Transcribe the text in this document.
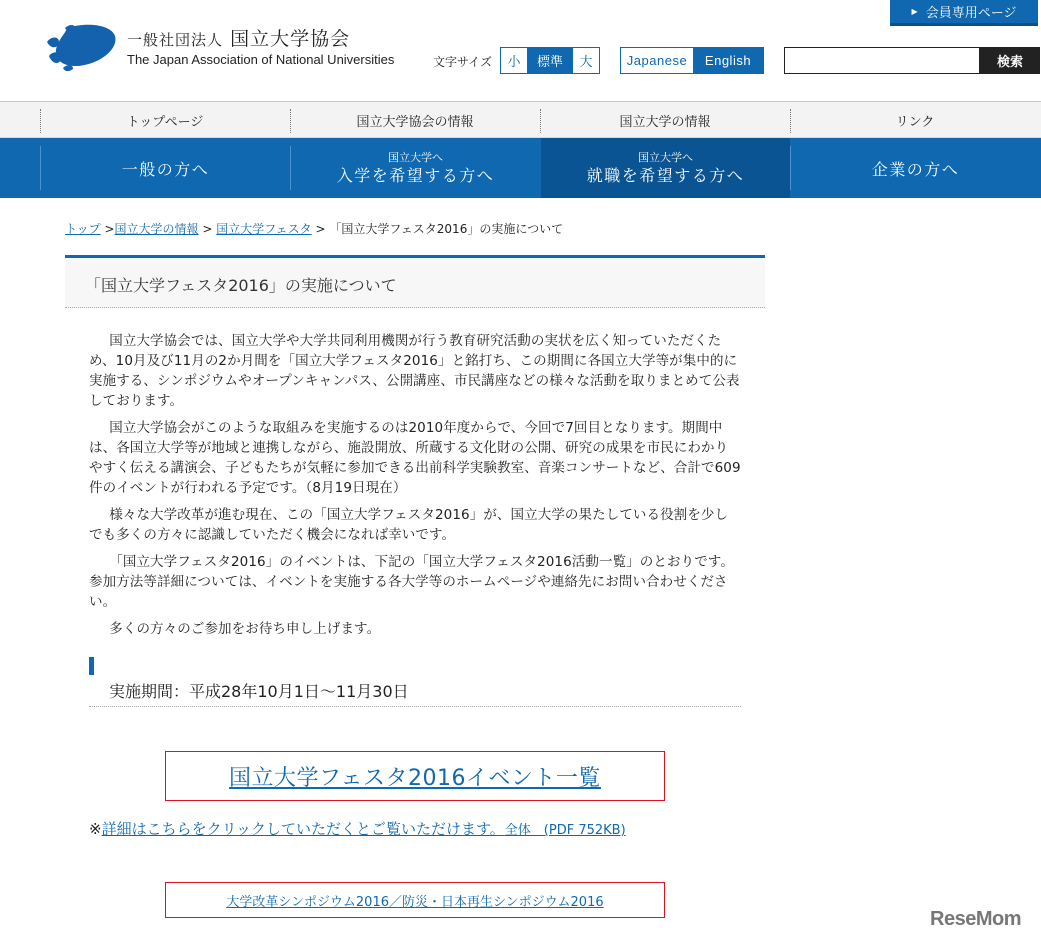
一般社団法人 国立大学協会
The Japan Association of National Universities
▶ 会員専用ページ
文字サイズ	小	標準	大	Japanese	English	検索
トップページ	国立大学協会の情報	国立大学の情報	リンク
一般の方へ
国立大学へ
入学を希望する方へ
国立大学へ
就職を希望する方へ	企業の方へ
トップ >国立大学の情報 > 国立大学フェスタ > 「国立大学フェスタ2016」の実施について
「国立大学フェスタ2016」の実施について

国立大学協会では、国立大学や大学共同利用機関が行う教育研究活動の実状を広く知っていただくため、10月及び11月の2か月間を「国立大学フェスタ2016」と銘打ち、この期間に各国立大学等が集中的に実施する、シンポジウムやオープンキャンパス、公開講座、市民講座などの様々な活動を取りまとめて公表しております。

国立大学協会がこのような取組みを実施するのは2010年度からで、今回で7回目となります。期間中は、各国立大学等が地域と連携しながら、施設開放、所蔵する文化財の公開、研究の成果を市民にわかりやすく伝える講演会、子どもたちが気軽に参加できる出前科学実験教室、音楽コンサートなど、合計で609件のイベントが行われる予定です。（8月19日現在）

様々な大学改革が進む現在、この「国立大学フェスタ2016」が、国立大学の果たしている役割を少しでも多くの方々に認識していただく機会になれば幸いです。

「国立大学フェスタ2016」のイベントは、下記の「国立大学フェスタ2016活動一覧」のとおりです。参加方法等詳細については、イベントを実施する各大学等のホームページや連絡先にお問い合わせください。

多くの方々のご参加をお待ち申し上げます。

実施期間：平成28年10月1日～11月30日
国立大学フェスタ2016イベント一覧
※詳細はこちらをクリックしていただくとご覧いただけます。全体　(PDF 752KB)
大学改革シンポジウム2016／防災・日本再生シンポジウム2016
ReseMom
